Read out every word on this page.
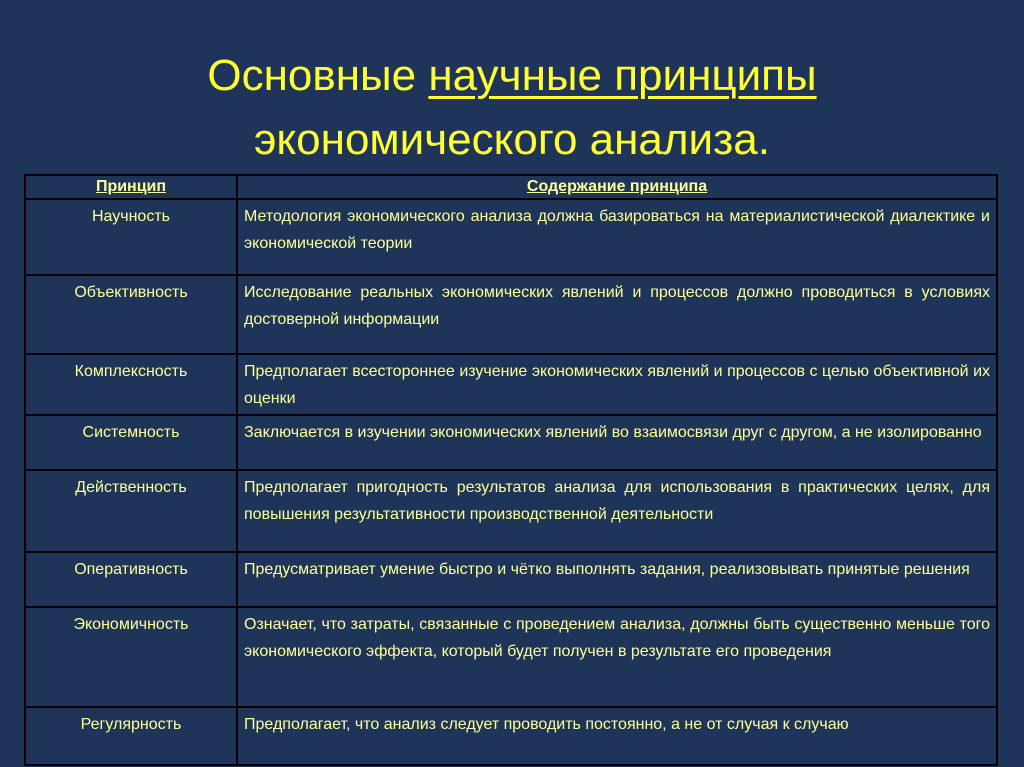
Основные научные принципы
экономического анализа.
Принцип	Содержание принципа
Научность	Методология экономического анализа должна базироваться на материалистической диалектике и экономической теории
Объективность	Исследование реальных экономических явлений и процессов должно проводиться в условиях достоверной информации
Комплексность	Предполагает всестороннее изучение экономических явлений и процессов с целью объективной их оценки
Системность	Заключается в изучении экономических явлений во взаимосвязи друг с другом, а не изолированно
Действенность	Предполагает пригодность результатов анализа для использования в практических целях, для повышения результативности производственной деятельности
Оперативность	Предусматривает умение быстро и чётко выполнять задания, реализовывать принятые решения
Экономичность	Означает, что затраты, связанные с проведением анализа, должны быть существенно меньше того экономического эффекта, который будет получен в результате его проведения
Регулярность	Предполагает, что анализ следует проводить постоянно, а не от случая к случаю
